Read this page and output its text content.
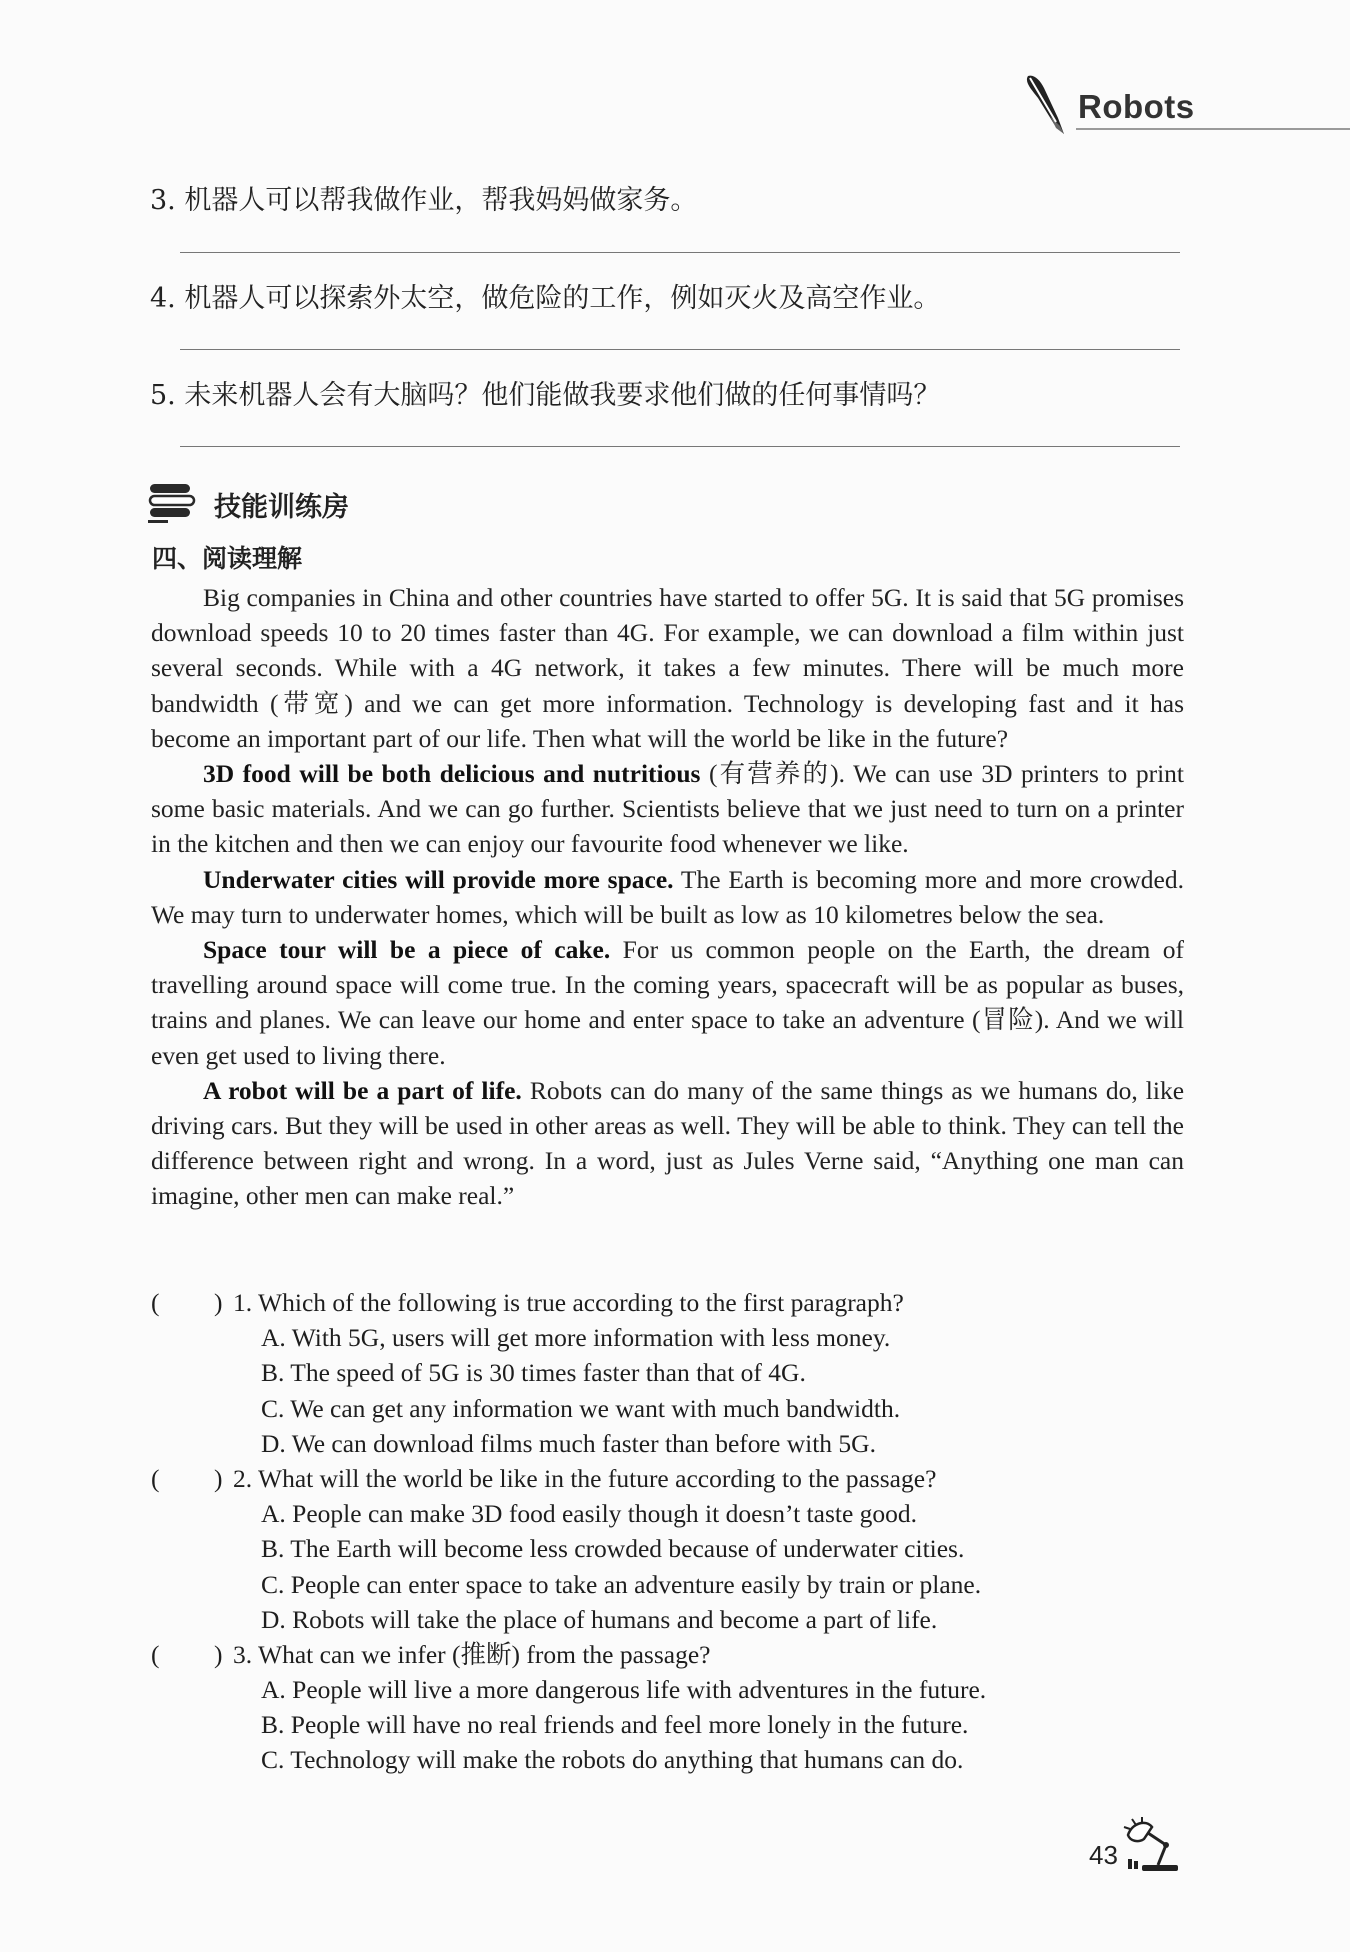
Robots
3. 机器人可以帮我做作业，帮我妈妈做家务。
4. 机器人可以探索外太空，做危险的工作，例如灭火及高空作业。
5. 未来机器人会有大脑吗？他们能做我要求他们做的任何事情吗？
技能训练房
四、阅读理解

Big companies in China and other countries have started to offer 5G. It is said that 5G promises download speeds 10 to 20 times faster than 4G. For example, we can download a film within just several seconds. While with a 4G network, it takes a few minutes. There will be much more bandwidth (带宽) and we can get more information. Technology is developing fast and it has become an important part of our life. Then what will the world be like in the future?

3D food will be both delicious and nutritious (有营养的). We can use 3D printers to print some basic materials. And we can go further. Scientists believe that we just need to turn on a printer in the kitchen and then we can enjoy our favourite food whenever we like.

Underwater cities will provide more space. The Earth is becoming more and more crowded. We may turn to underwater homes, which will be built as low as 10 kilometres below the sea.

Space tour will be a piece of cake. For us common people on the Earth, the dream of travelling around space will come true. In the coming years, spacecraft will be as popular as buses, trains and planes. We can leave our home and enter space to take an adventure (冒险). And we will even get used to living there.

A robot will be a part of life. Robots can do many of the same things as we humans do, like driving cars. But they will be used in other areas as well. They will be able to think. They can tell the difference between right and wrong. In a word, just as Jules Verne said, “Anything one man can imagine, other men can make real.”

( ) 1. Which of the following is true according to the first paragraph?
A. With 5G, users will get more information with less money.
B. The speed of 5G is 30 times faster than that of 4G.
C. We can get any information we want with much bandwidth.
D. We can download films much faster than before with 5G.
( ) 2. What will the world be like in the future according to the passage?
A. People can make 3D food easily though it doesn’t taste good.
B. The Earth will become less crowded because of underwater cities.
C. People can enter space to take an adventure easily by train or plane.
D. Robots will take the place of humans and become a part of life.
( ) 3. What can we infer (推断) from the passage?
A. People will live a more dangerous life with adventures in the future.
B. People will have no real friends and feel more lonely in the future.
C. Technology will make the robots do anything that humans can do.
43
